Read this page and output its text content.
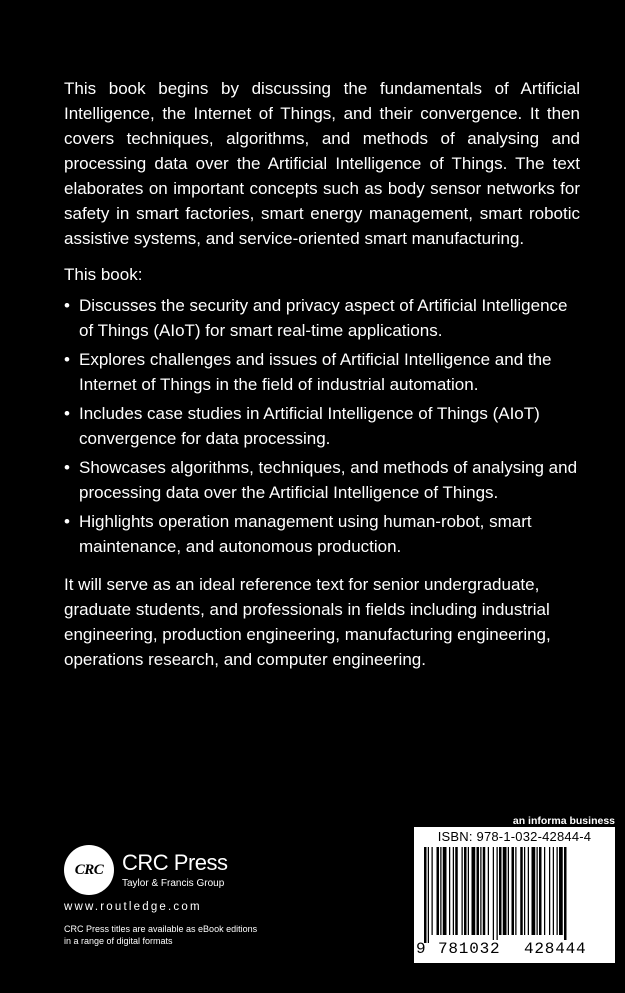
This book begins by discussing the fundamentals of Artificial Intelligence, the Internet of Things, and their convergence. It then covers techniques, algorithms, and methods of analysing and processing data over the Artificial Intelligence of Things. The text elaborates on important concepts such as body sensor networks for safety in smart factories, smart energy management, smart robotic assistive systems, and service-oriented smart manufacturing.

This book:

• Discusses the security and privacy aspect of Artificial Intelligence of Things (AIoT) for smart real-time applications.
• Explores challenges and issues of Artificial Intelligence and the Internet of Things in the field of industrial automation.
• Includes case studies in Artificial Intelligence of Things (AIoT) convergence for data processing.
• Showcases algorithms, techniques, and methods of analysing and processing data over the Artificial Intelligence of Things.
• Highlights operation management using human-robot, smart maintenance, and autonomous production.

It will serve as an ideal reference text for senior undergraduate, graduate students, and professionals in fields including industrial engineering, production engineering, manufacturing engineering, operations research, and computer engineering.

CRC CRC Press
Taylor & Francis Group
www.routledge.com
CRC Press titles are available as eBook editions
in a range of digital formats
an informa business
ISBN: 978-1-032-42844-4
9 781032 428444
